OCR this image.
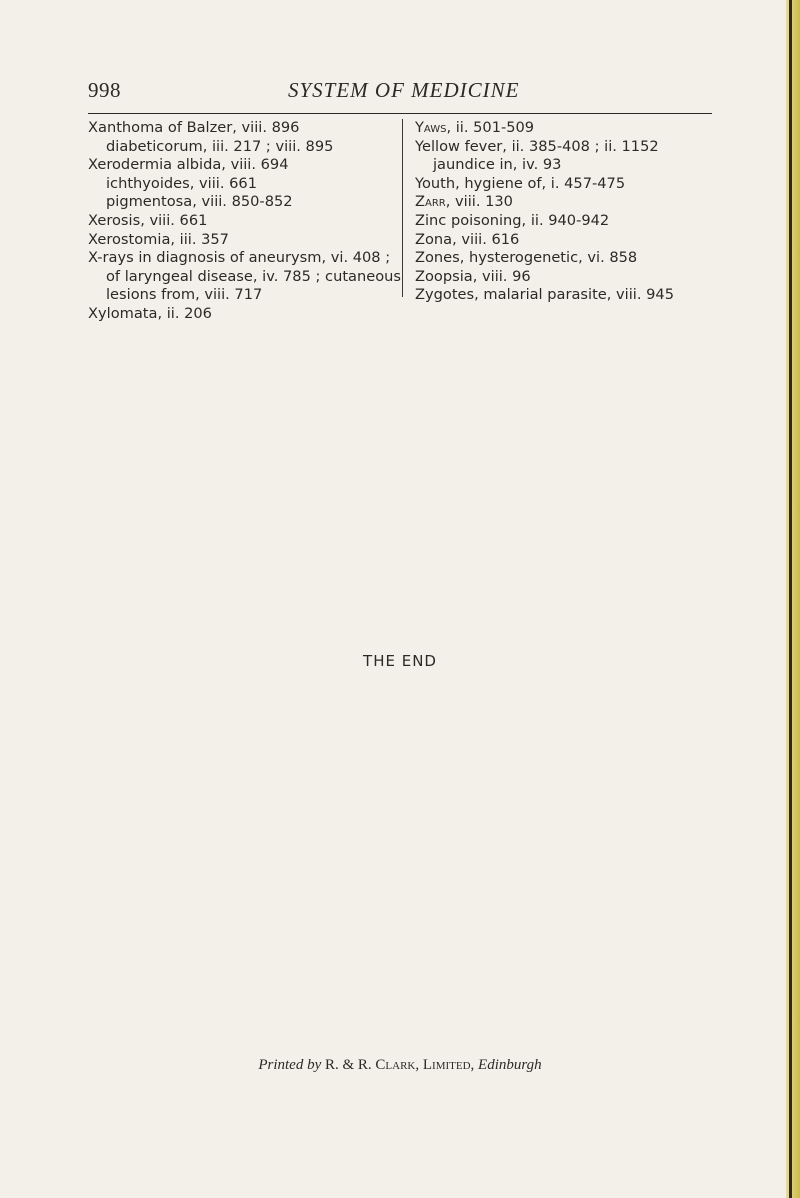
998	SYSTEM OF MEDICINE
Xanthoma of Balzer, viii. 896
diabeticorum, iii. 217 ; viii. 895
Xerodermia albida, viii. 694
ichthyoides, viii. 661
pigmentosa, viii. 850-852
Xerosis, viii. 661
Xerostomia, iii. 357
X-rays in diagnosis of aneurysm, vi. 408 ;
of laryngeal disease, iv. 785 ; cutaneous
lesions from, viii. 717
Xylomata, ii. 206
Yaws, ii. 501-509
Yellow fever, ii. 385-408 ; ii. 1152
jaundice in, iv. 93
Youth, hygiene of, i. 457-475
Zarr, viii. 130
Zinc poisoning, ii. 940-942
Zona, viii. 616
Zones, hysterogenetic, vi. 858
Zoopsia, viii. 96
Zygotes, malarial parasite, viii. 945
THE END
Printed by R. & R. Clark, Limited, Edinburgh
